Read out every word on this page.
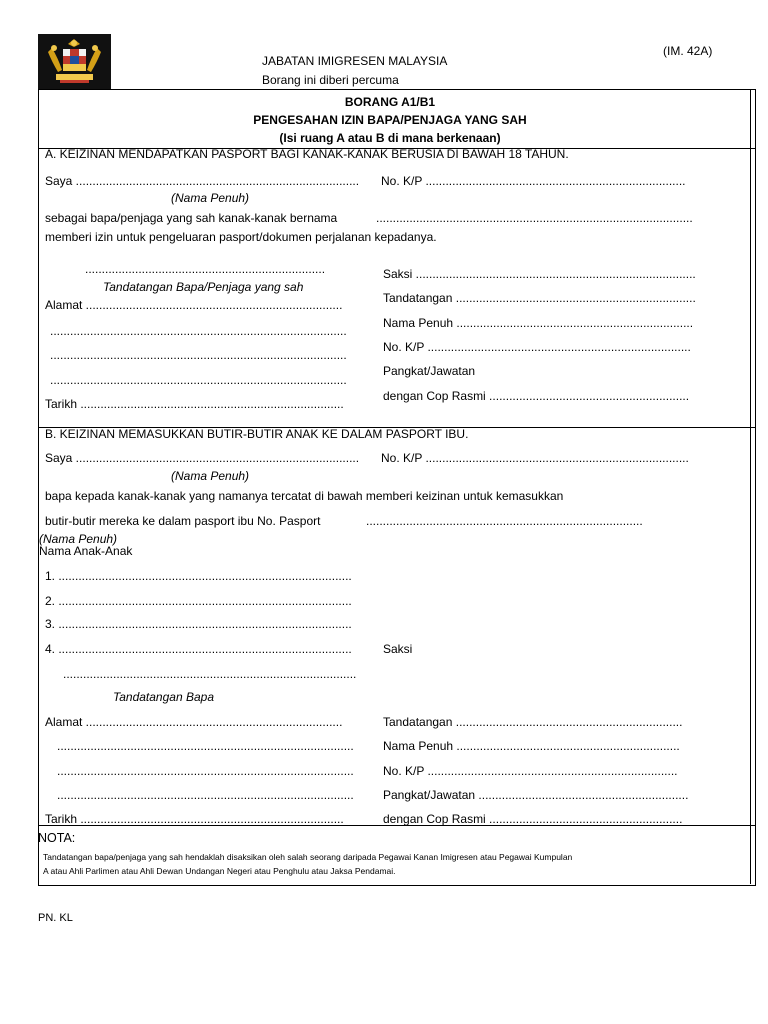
(IM. 42A)
JABATAN IMIGRESEN MALAYSIA
Borang ini diberi percuma
BORANG A1/B1
PENGESAHAN IZIN BAPA/PENJAGA YANG SAH
(Isi ruang A atau B di mana berkenaan)
A. KEIZINAN MENDAPATKAN PASPORT BAGI KANAK-KANAK BERUSIA DI BAWAH 18 TAHUN.
Saya ..................................................................................... No. K/P ..............................................................................
(Nama Penuh)
sebagai bapa/penjaga yang sah kanak-kanak bernama	...............................................................................................
memberi izin untuk pengeluaran pasport/dokumen perjalanan kepadanya.
........................................................................
Tandatangan Bapa/Penjaga yang sah
Alamat .............................................................................
.........................................................................................
.........................................................................................
.........................................................................................
Tarikh ...............................................................................
Saksi ....................................................................................
Tandatangan ........................................................................
Nama Penuh .......................................................................
No. K/P ...............................................................................
Pangkat/Jawatan
dengan Cop Rasmi ............................................................
B. KEIZINAN MEMASUKKAN BUTIR-BUTIR ANAK KE DALAM PASPORT IBU.
Saya ..................................................................................... No. K/P ...............................................................................
(Nama Penuh)
bapa kepada kanak-kanak yang namanya tercatat di bawah memberi keizinan untuk kemasukkan
butir-butir mereka ke dalam pasport ibu No. Pasport	...................................................................................
(Nama Penuh)
Nama Anak-Anak
1. ........................................................................................
2. ........................................................................................
3. ........................................................................................
4. ........................................................................................	Saksi
........................................................................................
Tandatangan Bapa
Alamat .............................................................................
.........................................................................................
.........................................................................................
.........................................................................................
Tarikh ...............................................................................
Tandatangan ....................................................................
Nama Penuh ...................................................................
No. K/P ...........................................................................
Pangkat/Jawatan ...............................................................
dengan Cop Rasmi ..........................................................
NOTA:
Tandatangan bapa/penjaga yang sah hendaklah disaksikan oleh salah seorang daripada Pegawai Kanan Imigresen atau Pegawai Kumpulan
A atau Ahli Parlimen atau Ahli Dewan Undangan Negeri atau Penghulu atau Jaksa Pendamai.
PN. KL
